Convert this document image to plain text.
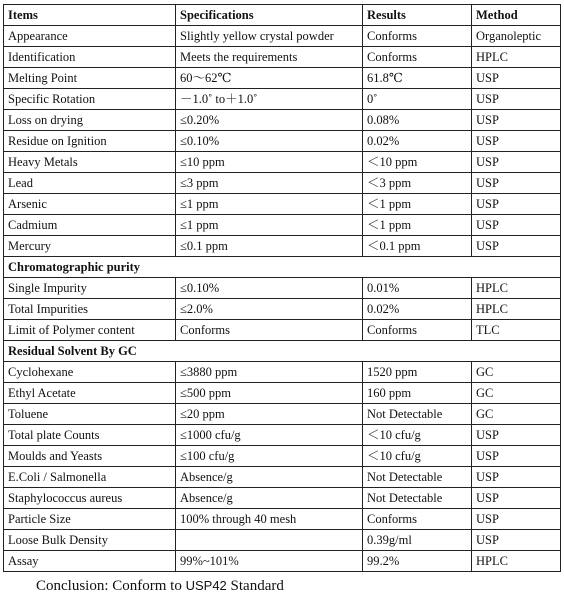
Items	Specifications	Results	Method
Appearance	Slightly yellow crystal powder	Conforms	Organoleptic
Identification	Meets the requirements	Conforms	HPLC
Melting Point	60～62℃	61.8℃	USP
Specific Rotation	－1.0˚ to＋1.0˚	0˚	USP
Loss on drying	≤0.20%	0.08%	USP
Residue on Ignition	≤0.10%	0.02%	USP
Heavy Metals	≤10 ppm	＜10 ppm	USP
Lead	≤3 ppm	＜3 ppm	USP
Arsenic	≤1 ppm	＜1 ppm	USP
Cadmium	≤1 ppm	＜1 ppm	USP
Mercury	≤0.1 ppm	＜0.1 ppm	USP
Chromatographic purity			
Single Impurity	≤0.10%	0.01%	HPLC
Total Impurities	≤2.0%	0.02%	HPLC
Limit of Polymer content	Conforms	Conforms	TLC
Residual Solvent By GC			
Cyclohexane	≤3880 ppm	1520 ppm	GC
Ethyl Acetate	≤500 ppm	160 ppm	GC
Toluene	≤20 ppm	Not Detectable	GC
Total plate Counts	≤1000 cfu/g	＜10 cfu/g	USP
Moulds and Yeasts	≤100 cfu/g	＜10 cfu/g	USP
E.Coli / Salmonella	Absence/g	Not Detectable	USP
Staphylococcus aureus	Absence/g	Not Detectable	USP
Particle Size	100% through 40 mesh	Conforms	USP
Loose Bulk Density		0.39g/ml	USP
Assay	99%~101%	99.2%	HPLC
Conclusion: Conform to USP42 Standard
